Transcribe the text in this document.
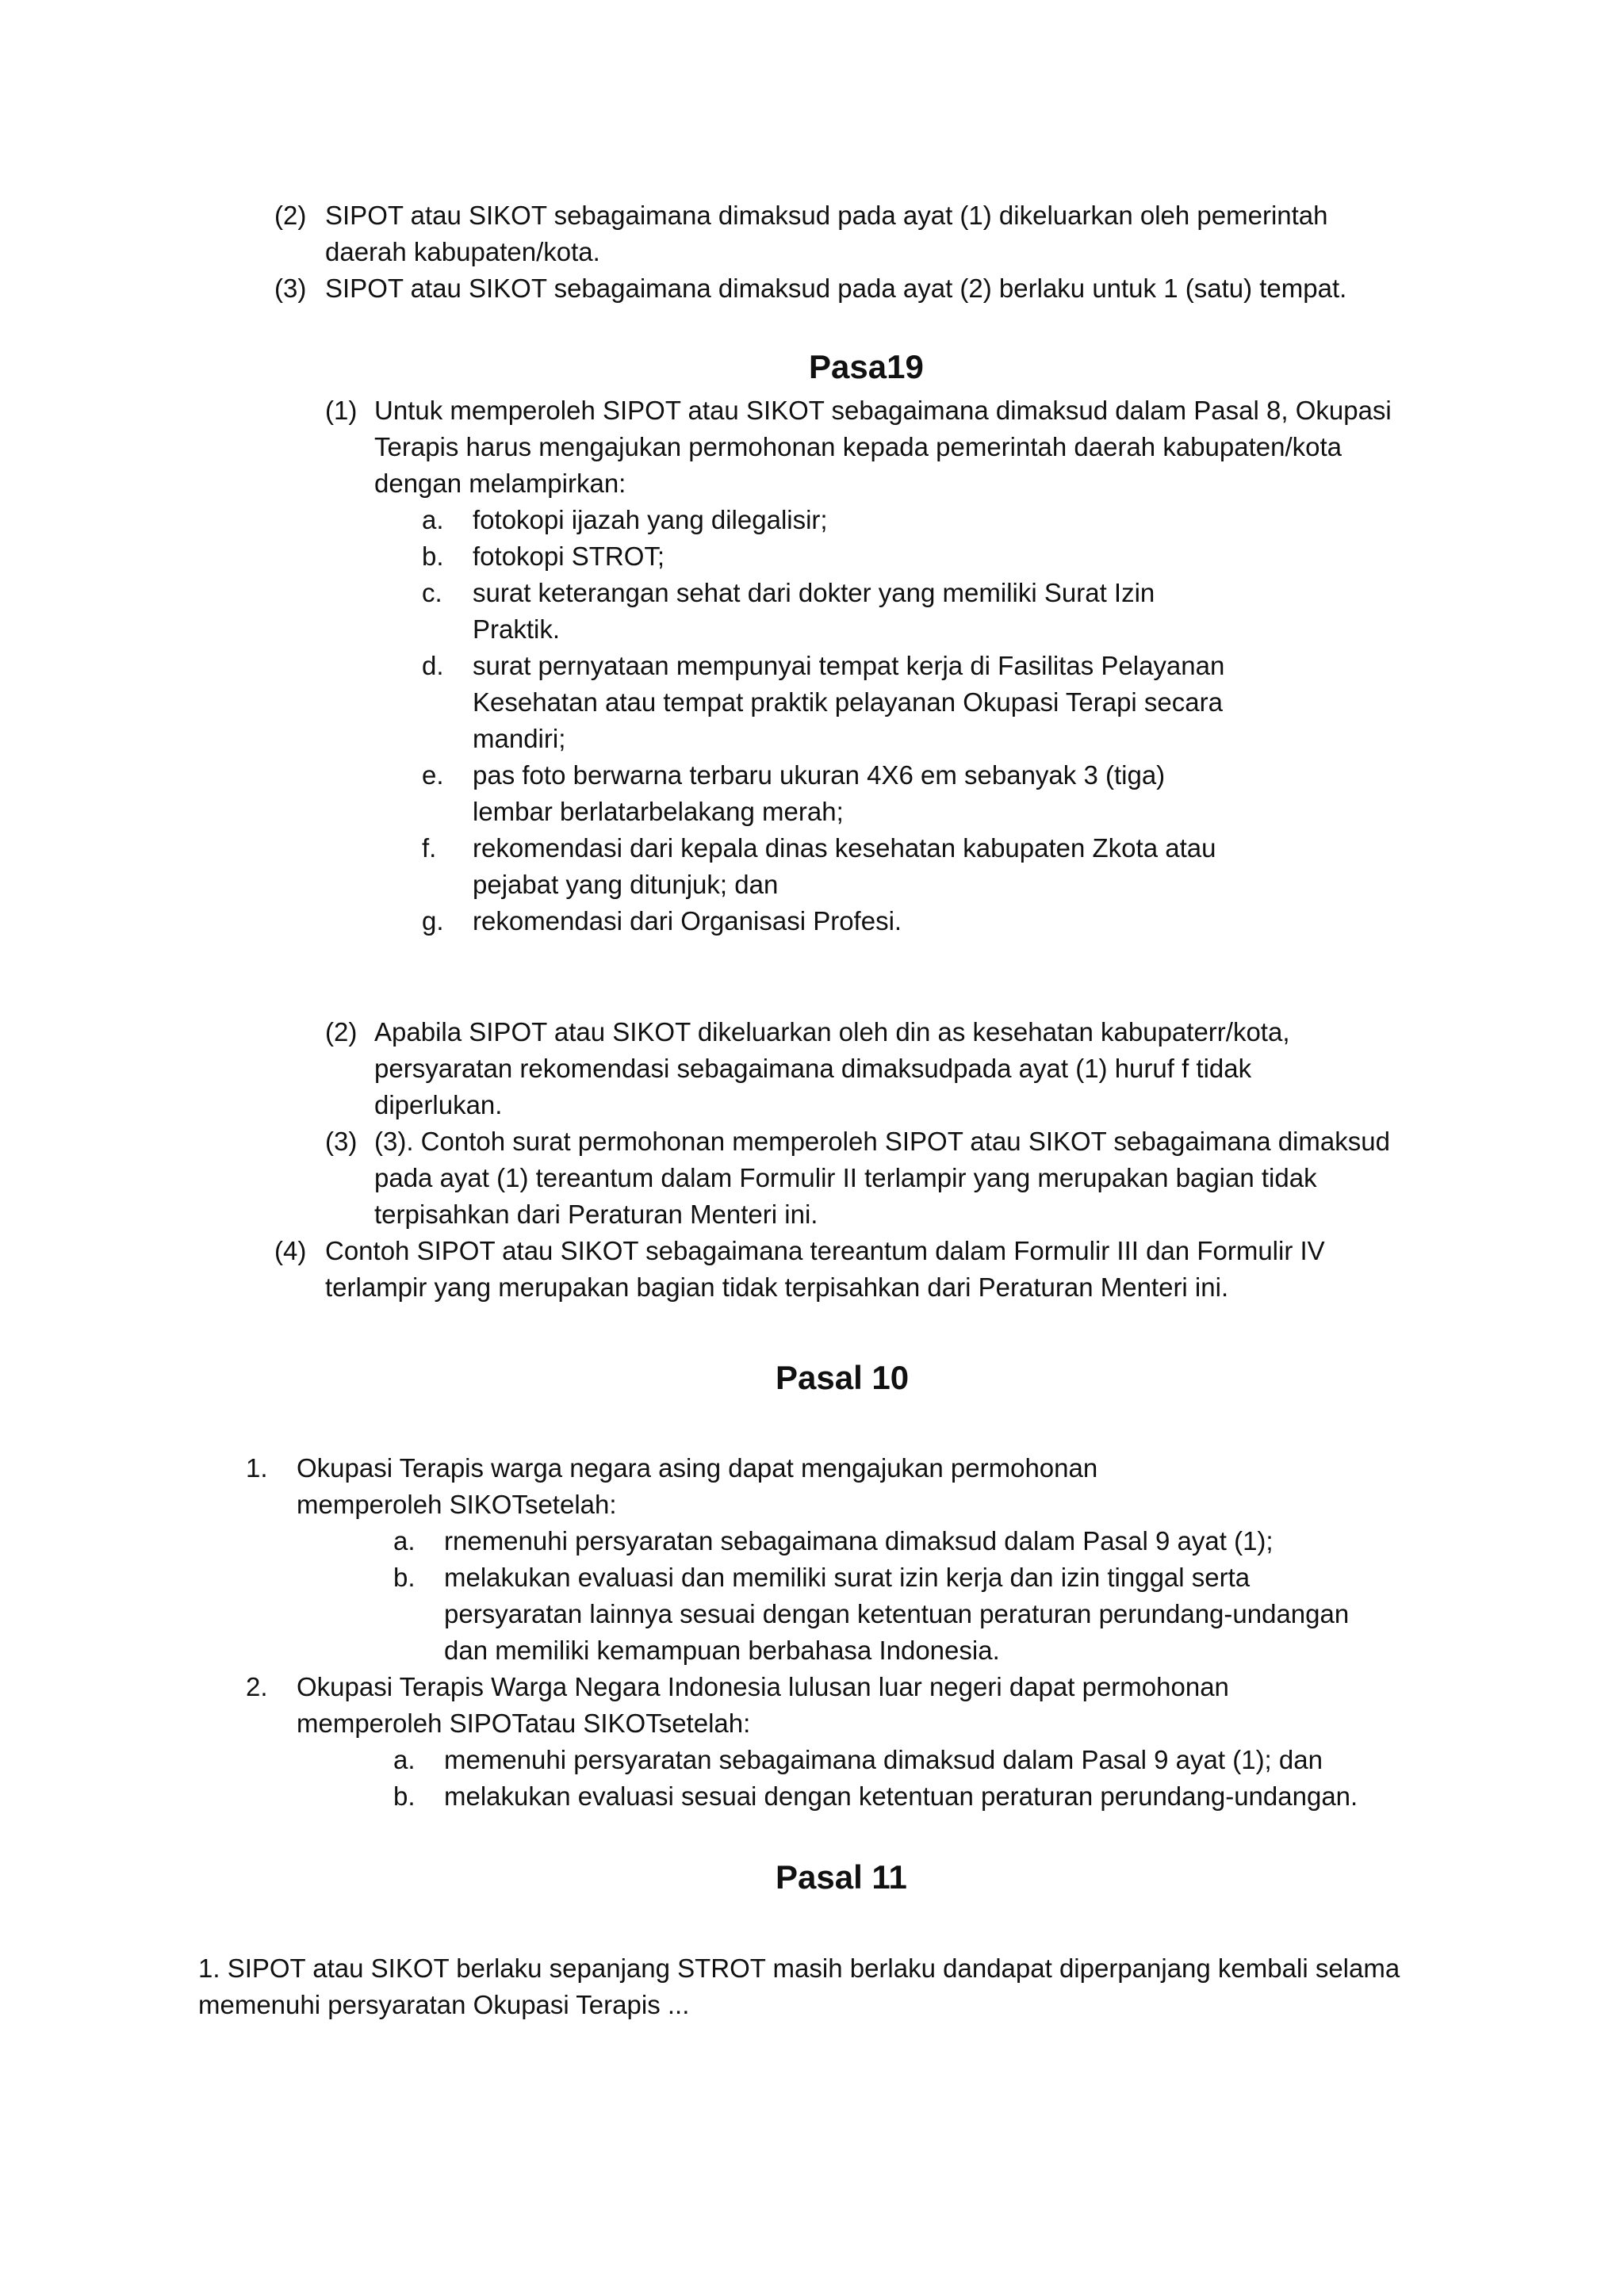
(2) SIPOT atau SIKOT sebagaimana dimaksud pada ayat (1) dikeluarkan oleh pemerintah
daerah kabupaten/kota.
(3) SIPOT atau SIKOT sebagaimana dimaksud pada ayat (2) berlaku untuk 1 (satu) tempat.
Pasa19
(1) Untuk memperoleh SIPOT atau SIKOT sebagaimana dimaksud dalam Pasal 8, Okupasi
Terapis harus mengajukan permohonan kepada pemerintah daerah kabupaten/kota
dengan melampirkan:
a. fotokopi ijazah yang dilegalisir;
b. fotokopi STROT;
c. surat keterangan sehat dari dokter yang memiliki Surat Izin
Praktik.
d. surat pernyataan mempunyai tempat kerja di Fasilitas Pelayanan
Kesehatan atau tempat praktik pelayanan Okupasi Terapi secara
mandiri;
e. pas foto berwarna terbaru ukuran 4X6 em sebanyak 3 (tiga)
lembar berlatarbelakang merah;
f. rekomendasi dari kepala dinas kesehatan kabupaten Zkota atau
pejabat yang ditunjuk; dan
g. rekomendasi dari Organisasi Profesi.
(2) Apabila SIPOT atau SIKOT dikeluarkan oleh din as kesehatan kabupaterr/kota,
persyaratan rekomendasi sebagaimana dimaksudpada ayat (1) huruf f tidak
diperlukan.
(3) (3). Contoh surat permohonan memperoleh SIPOT atau SIKOT sebagaimana dimaksud
pada ayat (1) tereantum dalam Formulir II terlampir yang merupakan bagian tidak
terpisahkan dari Peraturan Menteri ini.
(4) Contoh SIPOT atau SIKOT sebagaimana tereantum dalam Formulir III dan Formulir IV
terlampir yang merupakan bagian tidak terpisahkan dari Peraturan Menteri ini.
Pasal 10
1. Okupasi Terapis warga negara asing dapat mengajukan permohonan
memperoleh SIKOTsetelah:
a. rnemenuhi persyaratan sebagaimana dimaksud dalam Pasal 9 ayat (1);
b. melakukan evaluasi dan memiliki surat izin kerja dan izin tinggal serta
persyaratan lainnya sesuai dengan ketentuan peraturan perundang-undangan
dan memiliki kemampuan berbahasa Indonesia.
2. Okupasi Terapis Warga Negara Indonesia lulusan luar negeri dapat permohonan
memperoleh SIPOTatau SIKOTsetelah:
a. memenuhi persyaratan sebagaimana dimaksud dalam Pasal 9 ayat (1); dan
b. melakukan evaluasi sesuai dengan ketentuan peraturan perundang-undangan.
Pasal 11
1. SIPOT atau SIKOT berlaku sepanjang STROT masih berlaku dandapat diperpanjang kembali selama
memenuhi persyaratan Okupasi Terapis ...
